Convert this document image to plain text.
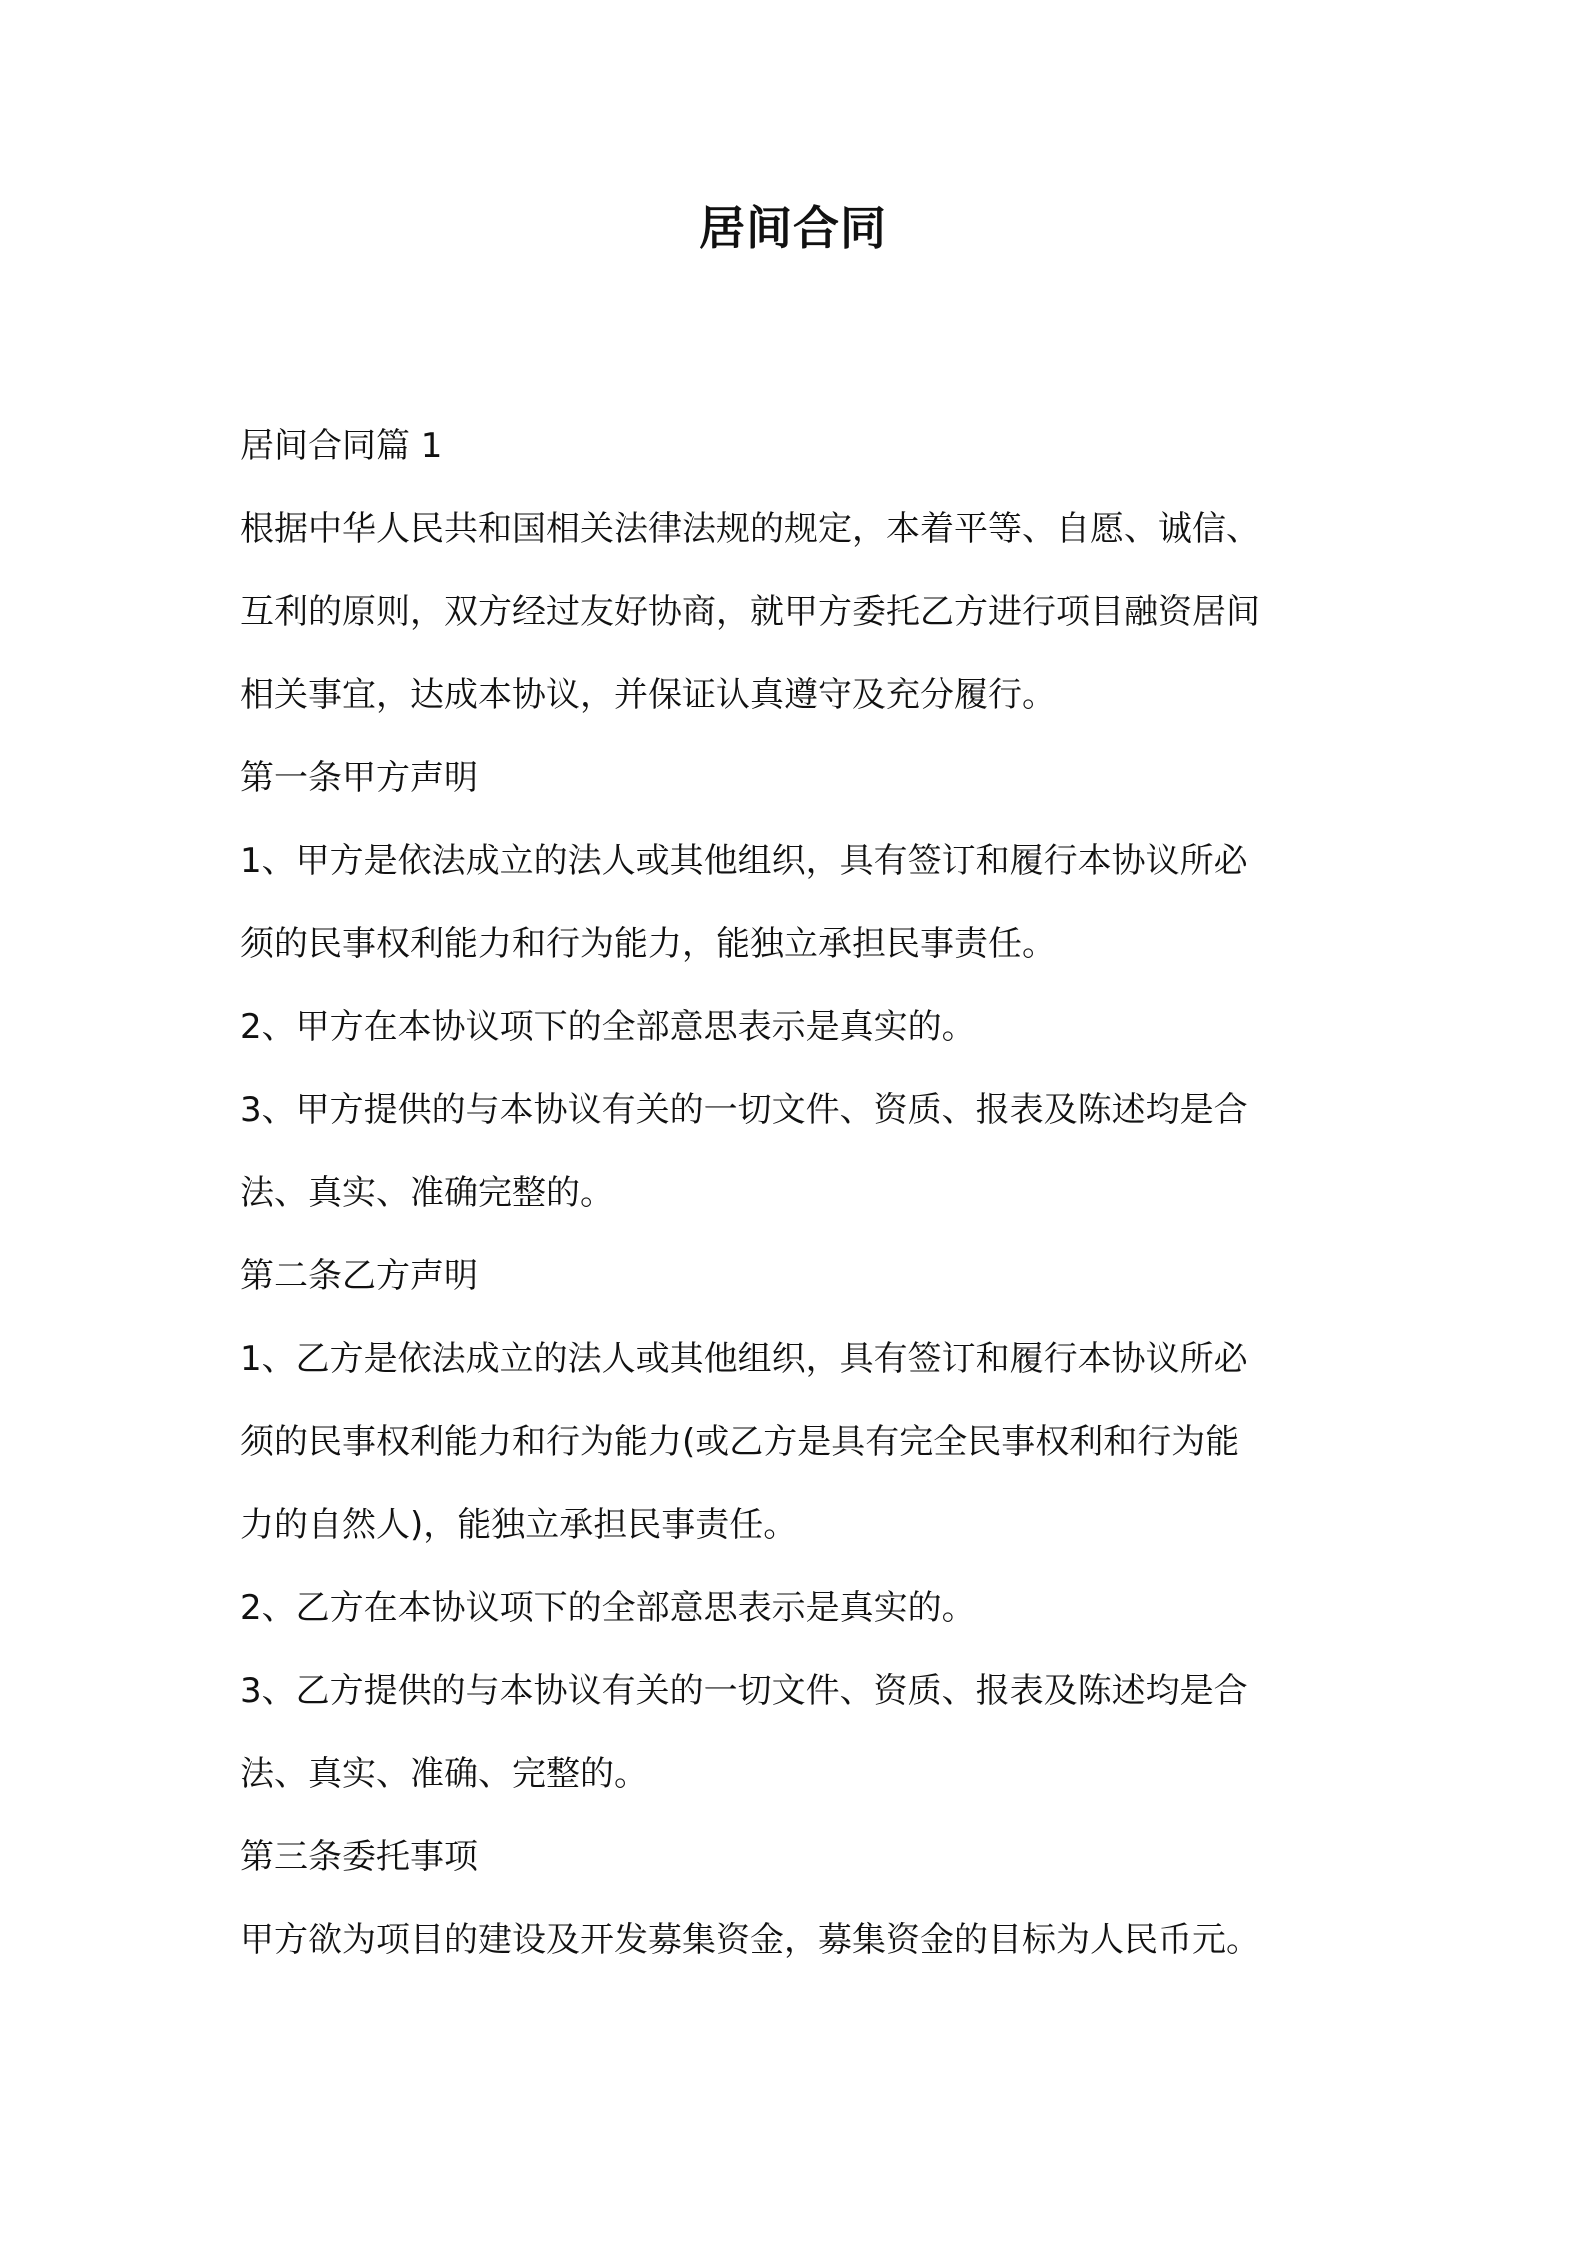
居间合同

居间合同篇 1

根据中华人民共和国相关法律法规的规定，本着平等、自愿、诚信、

互利的原则，双方经过友好协商，就甲方委托乙方进行项目融资居间

相关事宜，达成本协议，并保证认真遵守及充分履行。

第一条甲方声明

1、甲方是依法成立的法人或其他组织，具有签订和履行本协议所必

须的民事权利能力和行为能力，能独立承担民事责任。

2、甲方在本协议项下的全部意思表示是真实的。

3、甲方提供的与本协议有关的一切文件、资质、报表及陈述均是合

法、真实、准确完整的。

第二条乙方声明

1、乙方是依法成立的法人或其他组织，具有签订和履行本协议所必

须的民事权利能力和行为能力(或乙方是具有完全民事权利和行为能

力的自然人)，能独立承担民事责任。

2、乙方在本协议项下的全部意思表示是真实的。

3、乙方提供的与本协议有关的一切文件、资质、报表及陈述均是合

法、真实、准确、完整的。

第三条委托事项

甲方欲为项目的建设及开发募集资金，募集资金的目标为人民币元。
